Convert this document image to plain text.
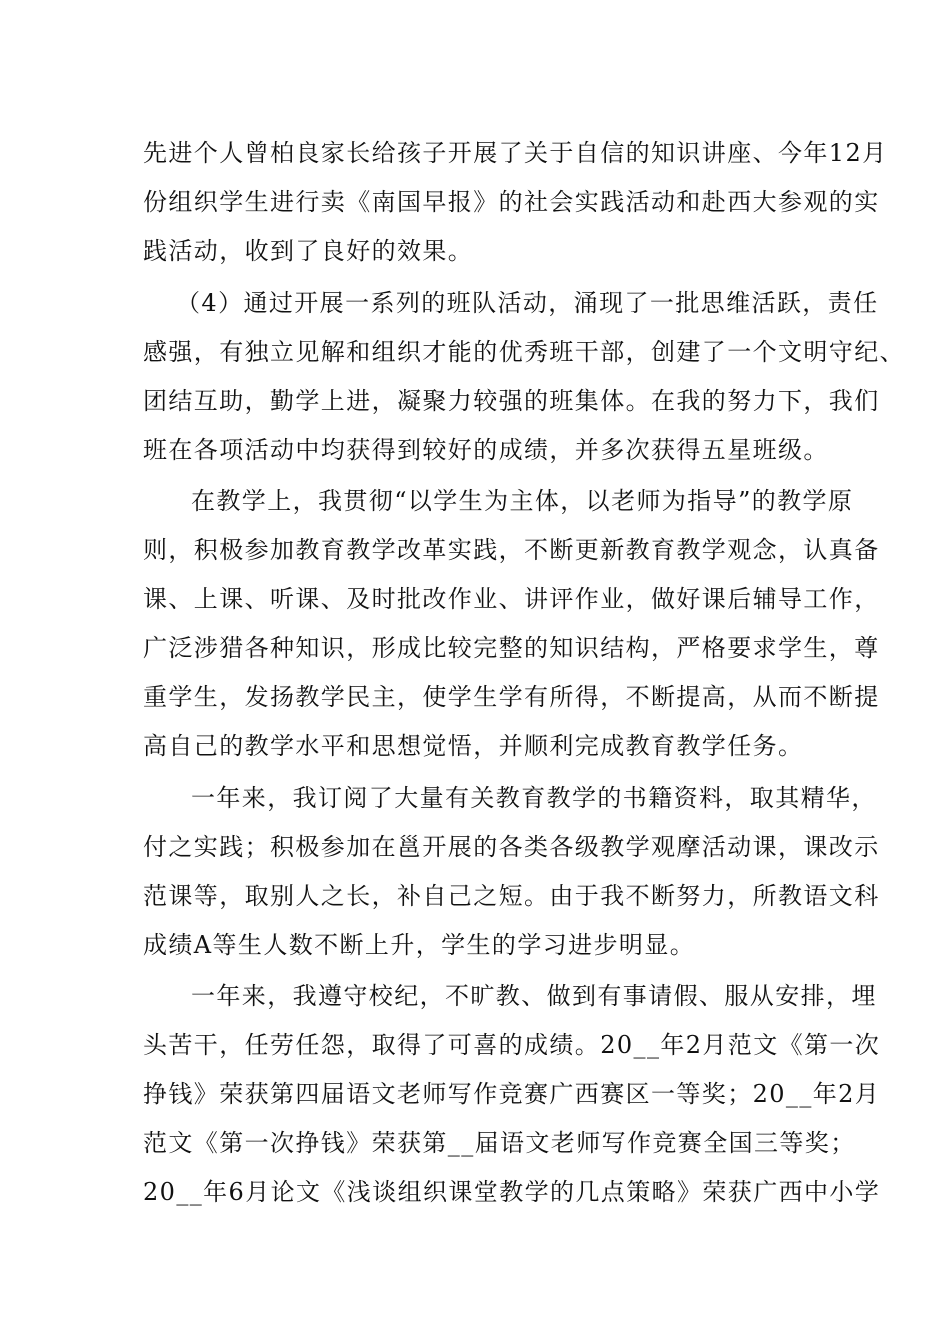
先进个人曾柏良家长给孩子开展了关于自信的知识讲座、今年12月
份组织学生进行卖《南国早报》的社会实践活动和赴西大参观的实
践活动，收到了良好的效果。
（4）通过开展一系列的班队活动，涌现了一批思维活跃，责任
感强，有独立见解和组织才能的优秀班干部，创建了一个文明守纪、
团结互助，勤学上进，凝聚力较强的班集体。在我的努力下，我们
班在各项活动中均获得到较好的成绩，并多次获得五星班级。
在教学上，我贯彻“以学生为主体，以老师为指导”的教学原
则，积极参加教育教学改革实践，不断更新教育教学观念，认真备
课、上课、听课、及时批改作业、讲评作业，做好课后辅导工作，
广泛涉猎各种知识，形成比较完整的知识结构，严格要求学生，尊
重学生，发扬教学民主，使学生学有所得，不断提高，从而不断提
高自己的教学水平和思想觉悟，并顺利完成教育教学任务。
一年来，我订阅了大量有关教育教学的书籍资料，取其精华，
付之实践；积极参加在邕开展的各类各级教学观摩活动课，课改示
范课等，取别人之长，补自己之短。由于我不断努力，所教语文科
成绩A等生人数不断上升，学生的学习进步明显。
一年来，我遵守校纪，不旷教、做到有事请假、服从安排，埋
头苦干，任劳任怨，取得了可喜的成绩。20__年2月范文《第一次
挣钱》荣获第四届语文老师写作竞赛广西赛区一等奖；20__年2月
范文《第一次挣钱》荣获第__届语文老师写作竞赛全国三等奖；
20__年6月论文《浅谈组织课堂教学的几点策略》荣获广西中小学
